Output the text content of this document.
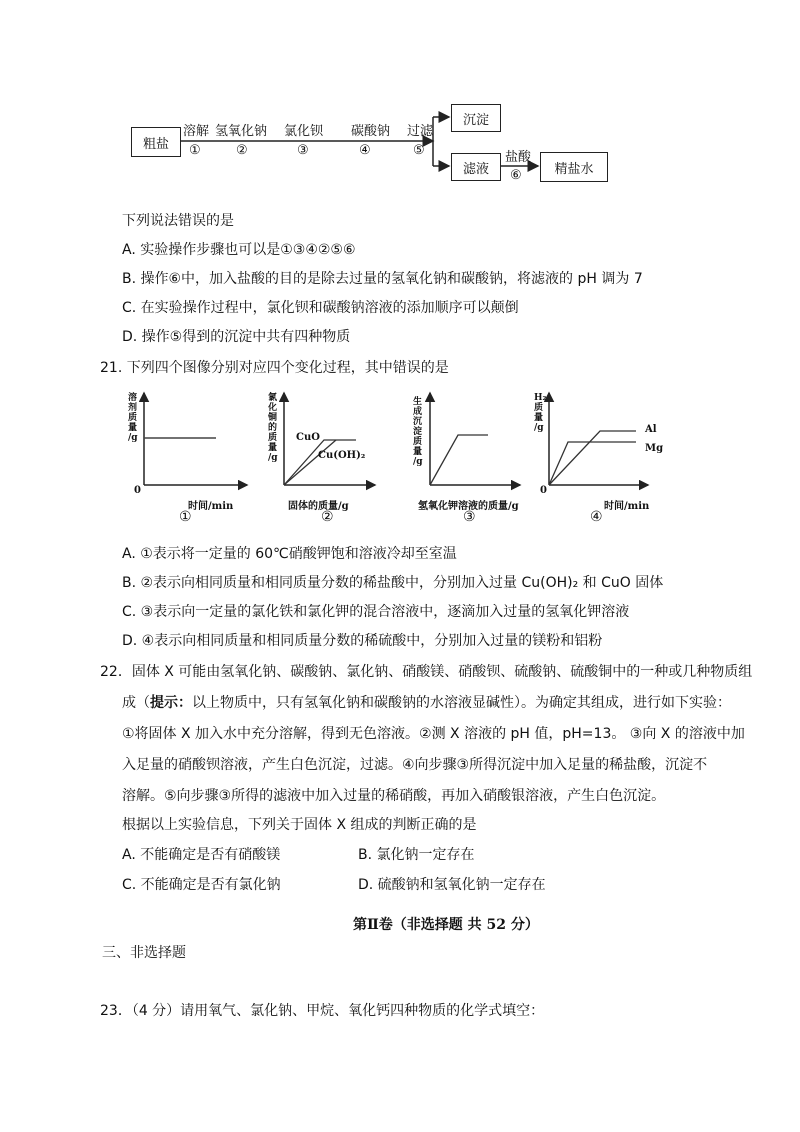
粗盐
溶解
①
氢氧化钠
②
氯化钡
③
碳酸钠
④
过滤
⑤
沉淀
滤液
盐酸
⑥	精盐水
下列说法错误的是
A. 实验操作步骤也可以是①③④②⑤⑥
B. 操作⑥中，加入盐酸的目的是除去过量的氢氧化钠和碳酸钠，将滤液的 pH 调为 7
C. 在实验操作过程中，氯化钡和碳酸钠溶液的添加顺序可以颠倒
D. 操作⑤得到的沉淀中共有四种物质
21. 下列四个图像分别对应四个变化过程，其中错误的是
溶
剂
质
量
/g
0
时间/min
①
氯
化
铜
的
质
量
/g
CuO
Cu(OH)₂
固体的质量/g
②
生
成
沉
淀
质
量
/g
氢氧化钾溶液的质量/g
③
H₂
质
量
/g	Al
Mg
0
时间/min
④
A. ①表示将一定量的 60℃硝酸钾饱和溶液冷却至室温
B. ②表示向相同质量和相同质量分数的稀盐酸中，分别加入过量 Cu(OH)₂ 和 CuO 固体
C. ③表示向一定量的氯化铁和氯化钾的混合溶液中，逐滴加入过量的氢氧化钾溶液
D. ④表示向相同质量和相同质量分数的稀硫酸中，分别加入过量的镁粉和铝粉
22．固体 X 可能由氢氧化钠、碳酸钠、氯化钠、硝酸镁、硝酸钡、硫酸钠、硫酸铜中的一种或几种物质组
成（提示：以上物质中，只有氢氧化钠和碳酸钠的水溶液显碱性）。为确定其组成，进行如下实验：
①将固体 X 加入水中充分溶解，得到无色溶液。②测 X 溶液的 pH 值，pH=13。 ③向 X 的溶液中加
入足量的硝酸钡溶液，产生白色沉淀，过滤。④向步骤③所得沉淀中加入足量的稀盐酸，沉淀不
溶解。⑤向步骤③所得的滤液中加入过量的稀硝酸，再加入硝酸银溶液，产生白色沉淀。
根据以上实验信息，下列关于固体 X 组成的判断正确的是
A. 不能确定是否有硝酸镁	B. 氯化钠一定存在
C. 不能确定是否有氯化钠	D. 硫酸钠和氢氧化钠一定存在
第Ⅱ卷（非选择题 共 52 分）
三、非选择题
23．（4 分）请用氧气、氯化钠、甲烷、氧化钙四种物质的化学式填空：
